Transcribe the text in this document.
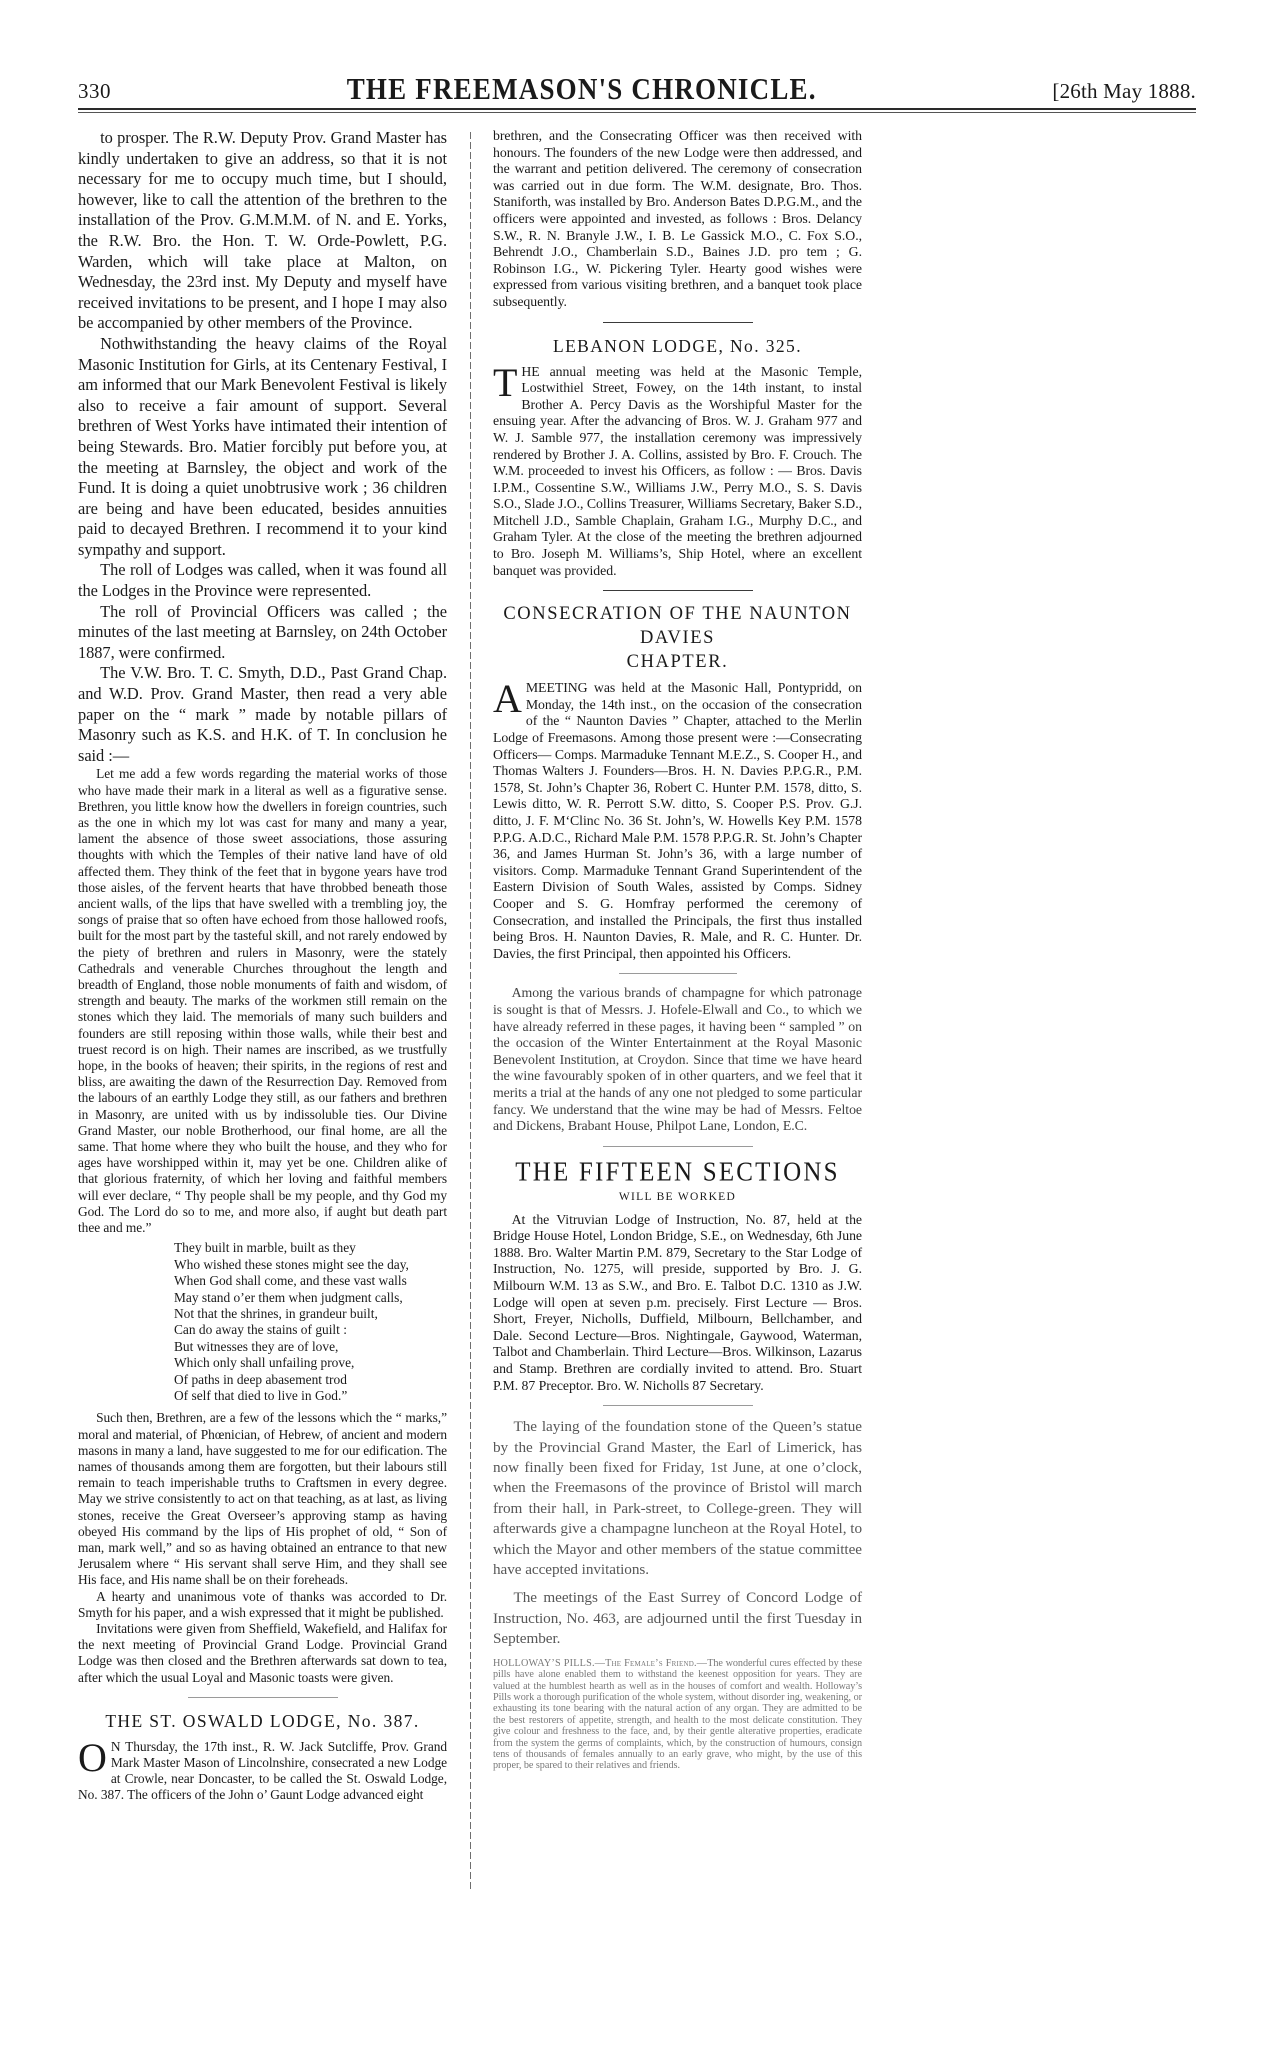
330	THE FREEMASON'S CHRONICLE.	[26th May 1888.

to prosper. The R.W. Deputy Prov. Grand Master has kindly undertaken to give an address, so that it is not necessary for me to occupy much time, but I should, however, like to call the attention of the brethren to the installation of the Prov. G.M.M.M. of N. and E. Yorks, the R.W. Bro. the Hon. T. W. Orde-Powlett, P.G. Warden, which will take place at Malton, on Wednesday, the 23rd inst. My Deputy and myself have received invitations to be present, and I hope I may also be accompanied by other members of the Province.

Nothwithstanding the heavy claims of the Royal Masonic Institution for Girls, at its Centenary Festival, I am informed that our Mark Benevolent Festival is likely also to receive a fair amount of support. Several brethren of West Yorks have intimated their intention of being Stewards. Bro. Matier forcibly put before you, at the meeting at Barnsley, the object and work of the Fund. It is doing a quiet unobtrusive work ; 36 children are being and have been educated, besides annuities paid to decayed Brethren. I recommend it to your kind sympathy and support.

The roll of Lodges was called, when it was found all the Lodges in the Province were represented.

The roll of Provincial Officers was called ; the minutes of the last meeting at Barnsley, on 24th October 1887, were confirmed.

The V.W. Bro. T. C. Smyth, D.D., Past Grand Chap. and W.D. Prov. Grand Master, then read a very able paper on the “ mark ” made by notable pillars of Masonry such as K.S. and H.K. of T. In conclusion he said :—

Let me add a few words regarding the material works of those who have made their mark in a literal as well as a figurative sense. Brethren, you little know how the dwellers in foreign countries, such as the one in which my lot was cast for many and many a year, lament the absence of those sweet associations, those assuring thoughts with which the Temples of their native land have of old affected them. They think of the feet that in bygone years have trod those aisles, of the fervent hearts that have throbbed beneath those ancient walls, of the lips that have swelled with a trembling joy, the songs of praise that so often have echoed from those hallowed roofs, built for the most part by the tasteful skill, and not rarely endowed by the piety of brethren and rulers in Masonry, were the stately Cathedrals and venerable Churches throughout the length and breadth of England, those noble monuments of faith and wisdom, of strength and beauty. The marks of the workmen still remain on the stones which they laid. The memorials of many such builders and founders are still reposing within those walls, while their best and truest record is on high. Their names are inscribed, as we trustfully hope, in the books of heaven; their spirits, in the regions of rest and bliss, are awaiting the dawn of the Resurrection Day. Removed from the labours of an earthly Lodge they still, as our fathers and brethren in Masonry, are united with us by indissoluble ties. Our Divine Grand Master, our noble Brotherhood, our final home, are all the same. That home where they who built the house, and they who for ages have worshipped within it, may yet be one. Children alike of that glorious fraternity, of which her loving and faithful members will ever declare, “ Thy people shall be my people, and thy God my God. The Lord do so to me, and more also, if aught but death part thee and me.”

They built in marble, built as they
Who wished these stones might see the day,
When God shall come, and these vast walls
May stand o’er them when judgment calls,
Not that the shrines, in grandeur built,
Can do away the stains of guilt :
But witnesses they are of love,
Which only shall unfailing prove,
Of paths in deep abasement trod
Of self that died to live in God.”

Such then, Brethren, are a few of the lessons which the “ marks,” moral and material, of Phœnician, of Hebrew, of ancient and modern masons in many a land, have suggested to me for our edification. The names of thousands among them are forgotten, but their labours still remain to teach imperishable truths to Craftsmen in every degree. May we strive consistently to act on that teaching, as at last, as living stones, receive the Great Overseer’s approving stamp as having obeyed His command by the lips of His prophet of old, “ Son of man, mark well,” and so as having obtained an entrance to that new Jerusalem where “ His servant shall serve Him, and they shall see His face, and His name shall be on their foreheads.

A hearty and unanimous vote of thanks was accorded to Dr. Smyth for his paper, and a wish expressed that it might be published.

Invitations were given from Sheffield, Wakefield, and Halifax for the next meeting of Provincial Grand Lodge. Provincial Grand Lodge was then closed and the Brethren afterwards sat down to tea, after which the usual Loyal and Masonic toasts were given.

THE ST. OSWALD LODGE, No. 387.

O N Thursday, the 17th inst., R. W. Jack Sutcliffe, Prov. Grand Mark Master Mason of Lincolnshire, consecrated a new Lodge at Crowle, near Doncaster, to be called the St. Oswald Lodge, No. 387. The officers of the John o’ Gaunt Lodge advanced eight

brethren, and the Consecrating Officer was then received with honours. The founders of the new Lodge were then addressed, and the warrant and petition delivered. The ceremony of consecration was carried out in due form. The W.M. designate, Bro. Thos. Staniforth, was installed by Bro. Anderson Bates D.P.G.M., and the officers were appointed and invested, as follows : Bros. Delancy S.W., R. N. Branyle J.W., I. B. Le Gassick M.O., C. Fox S.O., Behrendt J.O., Chamberlain S.D., Baines J.D. pro tem ; G. Robinson I.G., W. Pickering Tyler. Hearty good wishes were expressed from various visiting brethren, and a banquet took place subsequently.

LEBANON LODGE, No. 325.

THE annual meeting was held at the Masonic Temple, Lostwithiel Street, Fowey, on the 14th instant, to instal Brother A. Percy Davis as the Worshipful Master for the ensuing year. After the advancing of Bros. W. J. Graham 977 and W. J. Samble 977, the installation ceremony was impressively rendered by Brother J. A. Collins, assisted by Bro. F. Crouch. The W.M. proceeded to invest his Officers, as follow : — Bros. Davis I.P.M., Cossentine S.W., Williams J.W., Perry M.O., S. S. Davis S.O., Slade J.O., Collins Treasurer, Williams Secretary, Baker S.D., Mitchell J.D., Samble Chaplain, Graham I.G., Murphy D.C., and Graham Tyler. At the close of the meeting the brethren adjourned to Bro. Joseph M. Williams’s, Ship Hotel, where an excellent banquet was provided.

CONSECRATION OF THE NAUNTON DAVIES
CHAPTER.

AMEETING was held at the Masonic Hall, Pontypridd, on Monday, the 14th inst., on the occasion of the consecration of the “ Naunton Davies ” Chapter, attached to the Merlin Lodge of Freemasons. Among those present were :—Consecrating Officers— Comps. Marmaduke Tennant M.E.Z., S. Cooper H., and Thomas Walters J. Founders—Bros. H. N. Davies P.P.G.R., P.M. 1578, St. John’s Chapter 36, Robert C. Hunter P.M. 1578, ditto, S. Lewis ditto, W. R. Perrott S.W. ditto, S. Cooper P.S. Prov. G.J. ditto, J. F. M‘Clinc No. 36 St. John’s, W. Howells Key P.M. 1578 P.P.G. A.D.C., Richard Male P.M. 1578 P.P.G.R. St. John’s Chapter 36, and James Hurman St. John’s 36, with a large number of visitors. Comp. Marmaduke Tennant Grand Superintendent of the Eastern Division of South Wales, assisted by Comps. Sidney Cooper and S. G. Homfray performed the ceremony of Consecration, and installed the Principals, the first thus installed being Bros. H. Naunton Davies, R. Male, and R. C. Hunter. Dr. Davies, the first Principal, then appointed his Officers.

Among the various brands of champagne for which patronage is sought is that of Messrs. J. Hofele-Elwall and Co., to which we have already referred in these pages, it having been “ sampled ” on the occasion of the Winter Entertainment at the Royal Masonic Benevolent Institution, at Croydon. Since that time we have heard the wine favourably spoken of in other quarters, and we feel that it merits a trial at the hands of any one not pledged to some particular fancy. We understand that the wine may be had of Messrs. Feltoe and Dickens, Brabant House, Philpot Lane, London, E.C.

THE FIFTEEN SECTIONS
WILL BE WORKED

At the Vitruvian Lodge of Instruction, No. 87, held at the Bridge House Hotel, London Bridge, S.E., on Wednesday, 6th June 1888. Bro. Walter Martin P.M. 879, Secretary to the Star Lodge of Instruction, No. 1275, will preside, supported by Bro. J. G. Milbourn W.M. 13 as S.W., and Bro. E. Talbot D.C. 1310 as J.W. Lodge will open at seven p.m. precisely. First Lecture — Bros. Short, Freyer, Nicholls, Duffield, Milbourn, Bellchamber, and Dale. Second Lecture—Bros. Nightingale, Gaywood, Waterman, Talbot and Chamberlain. Third Lecture—Bros. Wilkinson, Lazarus and Stamp. Brethren are cordially invited to attend. Bro. Stuart P.M. 87 Preceptor. Bro. W. Nicholls 87 Secretary.

The laying of the foundation stone of the Queen’s statue by the Provincial Grand Master, the Earl of Limerick, has now finally been fixed for Friday, 1st June, at one o’clock, when the Freemasons of the province of Bristol will march from their hall, in Park-street, to College-green. They will afterwards give a champagne luncheon at the Royal Hotel, to which the Mayor and other members of the statue committee have accepted invitations.

The meetings of the East Surrey of Concord Lodge of Instruction, No. 463, are adjourned until the first Tuesday in September.

HOLLOWAY’S PILLS.—The Female’s Friend.—The wonderful cures effected by these pills have alone enabled them to withstand the keenest opposition for years. They are valued at the humblest hearth as well as in the houses of comfort and wealth. Holloway’s Pills work a thorough purification of the whole system, without disorder ing, weakening, or exhausting its tone bearing with the natural action of any organ. They are admitted to be the best restorers of appetite, strength, and health to the most delicate constitution. They give colour and freshness to the face, and, by their gentle alterative properties, eradicate from the system the germs of complaints, which, by the construction of humours, consign tens of thousands of females annually to an early grave, who might, by the use of this proper, be spared to their relatives and friends.
